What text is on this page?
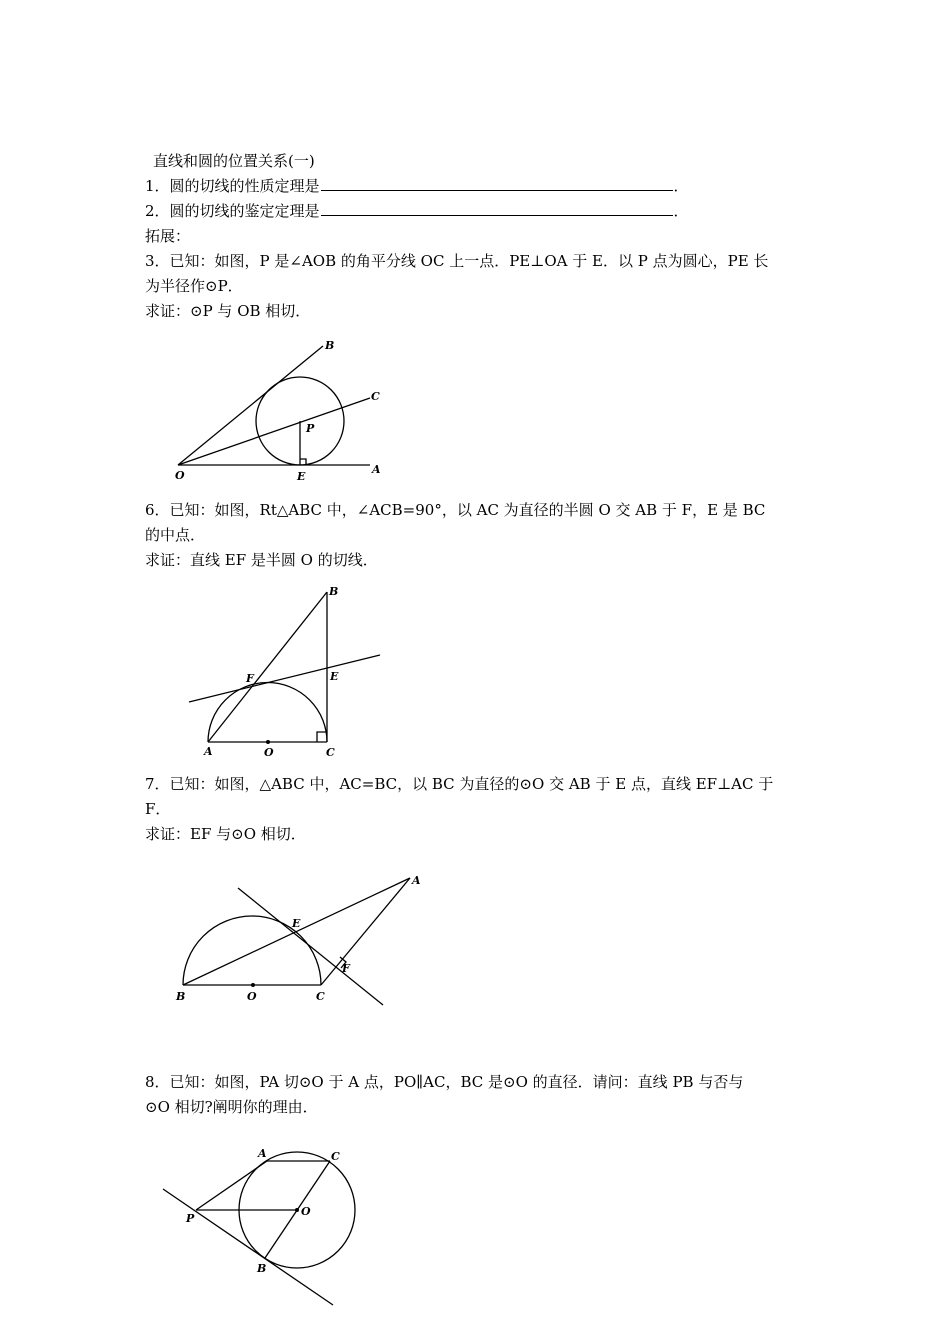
直线和圆的位置关系(一)
1．圆的切线的性质定理是	．
2．圆的切线的鉴定定理是	．
拓展：
3．已知：如图，P 是∠AOB 的角平分线 OC 上一点．PE⊥OA 于 E．以 P 点为圆心，PE 长
为半径作⊙P．
求证：⊙P 与 OB 相切．
B
C
P
O	E
A
6．已知：如图，Rt△ABC 中，∠ACB=90°，以 AC 为直径的半圆 O 交 AB 于 F，E 是 BC
的中点．
求证：直线 EF 是半圆 O 的切线．
B
F	E
A	O	C
7．已知：如图，△ABC 中，AC=BC，以 BC 为直径的⊙O 交 AB 于 E 点，直线 EF⊥AC 于
F．
求证：EF 与⊙O 相切．
A
E
F
B	O	C
8．已知：如图，PA 切⊙O 于 A 点，PO∥AC，BC 是⊙O 的直径．请问：直线 PB 与否与
⊙O 相切?阐明你的理由．
A	C
P
O
B
